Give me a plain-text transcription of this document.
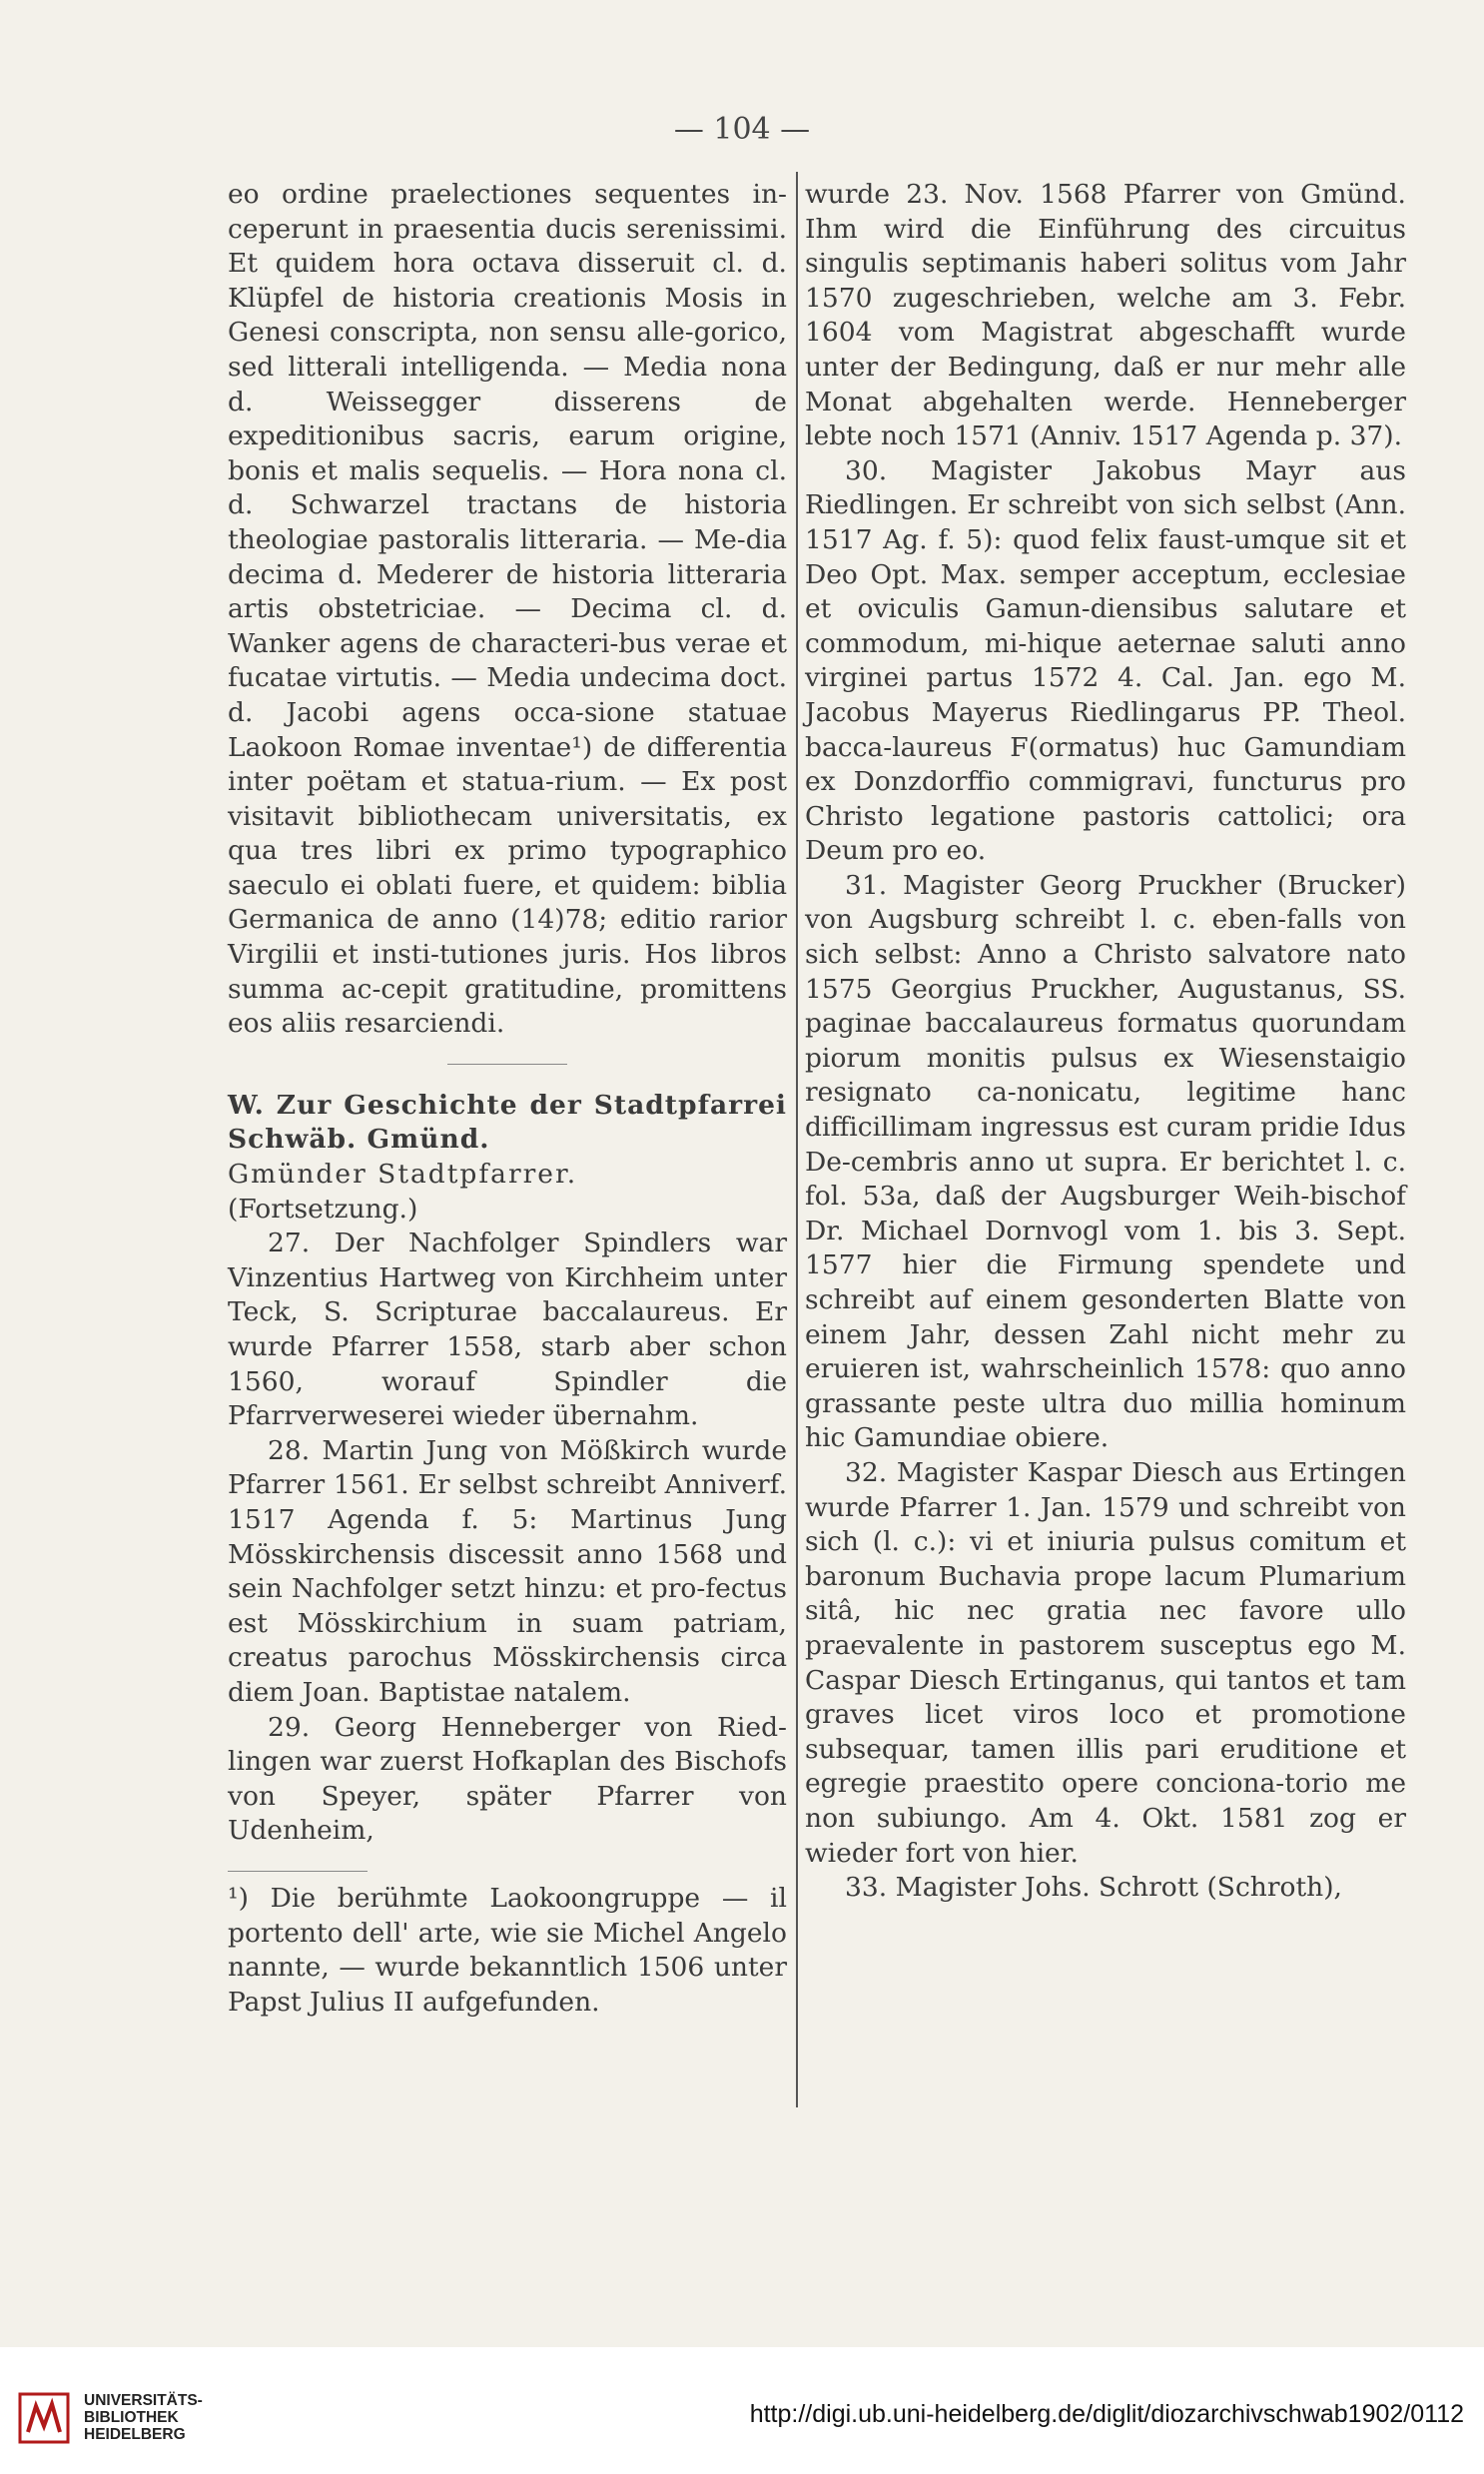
— 104 —

eo ordine praelectiones sequentes in-ceperunt in praesentia ducis serenissimi. Et quidem hora octava disseruit cl. d. Klüpfel de historia creationis Mosis in Genesi conscripta, non sensu alle-gorico, sed litterali intelligenda. — Media nona d. Weissegger disserens de expeditionibus sacris, earum origine, bonis et malis sequelis. — Hora nona cl. d. Schwarzel tractans de historia theologiae pastoralis litteraria. — Me-dia decima d. Mederer de historia litteraria artis obstetriciae. — Decima cl. d. Wanker agens de characteri-bus verae et fucatae virtutis. — Media undecima doct. d. Jacobi agens occa-sione statuae Laokoon Romae inventae¹) de differentia inter poëtam et statua-rium. — Ex post visitavit bibliothecam universitatis, ex qua tres libri ex primo typographico saeculo ei oblati fuere, et quidem: biblia Germanica de anno (14)78; editio rarior Virgilii et insti-tutiones juris. Hos libros summa ac-cepit gratitudine, promittens eos aliis resarciendi.

W. Zur Geschichte der Stadtpfarrei Schwäb. Gmünd.

Gmünder Stadtpfarrer.

(Fortsetzung.)

27. Der Nachfolger Spindlers war Vinzentius Hartweg von Kirchheim unter Teck, S. Scripturae baccalaureus. Er wurde Pfarrer 1558, starb aber schon 1560, worauf Spindler die Pfarrverweserei wieder übernahm.

28. Martin Jung von Mößkirch wurde Pfarrer 1561. Er selbst schreibt Anniverf. 1517 Agenda f. 5: Martinus Jung Mösskirchensis discessit anno 1568 und sein Nachfolger setzt hinzu: et pro-fectus est Mösskirchium in suam patriam, creatus parochus Mösskirchensis circa diem Joan. Baptistae natalem.

29. Georg Henneberger von Ried-lingen war zuerst Hofkaplan des Bischofs von Speyer, später Pfarrer von Udenheim,

¹) Die berühmte Laokoongruppe — il portento dell' arte, wie sie Michel Angelo nannte, — wurde bekanntlich 1506 unter Papst Julius II aufgefunden.

wurde 23. Nov. 1568 Pfarrer von Gmünd. Ihm wird die Einführung des circuitus singulis septimanis haberi solitus vom Jahr 1570 zugeschrieben, welche am 3. Febr. 1604 vom Magistrat abgeschafft wurde unter der Bedingung, daß er nur mehr alle Monat abgehalten werde. Henneberger lebte noch 1571 (Anniv. 1517 Agenda p. 37).

30. Magister Jakobus Mayr aus Riedlingen. Er schreibt von sich selbst (Ann. 1517 Ag. f. 5): quod felix faust-umque sit et Deo Opt. Max. semper acceptum, ecclesiae et oviculis Gamun-diensibus salutare et commodum, mi-hique aeternae saluti anno virginei partus 1572 4. Cal. Jan. ego M. Jacobus Mayerus Riedlingarus PP. Theol. bacca-laureus F(ormatus) huc Gamundiam ex Donzdorffio commigravi, functurus pro Christo legatione pastoris cattolici; ora Deum pro eo.

31. Magister Georg Pruckher (Brucker) von Augsburg schreibt l. c. eben-falls von sich selbst: Anno a Christo salvatore nato 1575 Georgius Pruckher, Augustanus, SS. paginae baccalaureus formatus quorundam piorum monitis pulsus ex Wiesenstaigio resignato ca-nonicatu, legitime hanc difficillimam ingressus est curam pridie Idus De-cembris anno ut supra. Er berichtet l. c. fol. 53a, daß der Augsburger Weih-bischof Dr. Michael Dornvogl vom 1. bis 3. Sept. 1577 hier die Firmung spendete und schreibt auf einem gesonderten Blatte von einem Jahr, dessen Zahl nicht mehr zu eruieren ist, wahrscheinlich 1578: quo anno grassante peste ultra duo millia hominum hic Gamundiae obiere.

32. Magister Kaspar Diesch aus Ertingen wurde Pfarrer 1. Jan. 1579 und schreibt von sich (l. c.): vi et iniuria pulsus comitum et baronum Buchavia prope lacum Plumarium sitâ, hic nec gratia nec favore ullo praevalente in pastorem susceptus ego M. Caspar Diesch Ertinganus, qui tantos et tam graves licet viros loco et promotione subsequar, tamen illis pari eruditione et egregie praestito opere conciona-torio me non subiungo. Am 4. Okt. 1581 zog er wieder fort von hier.

33. Magister Johs. Schrott (Schroth),

UNIVERSITÄTS-
BIBLIOTHEK
HEIDELBERG
http://digi.ub.uni-heidelberg.de/diglit/diozarchivschwab1902/0112
